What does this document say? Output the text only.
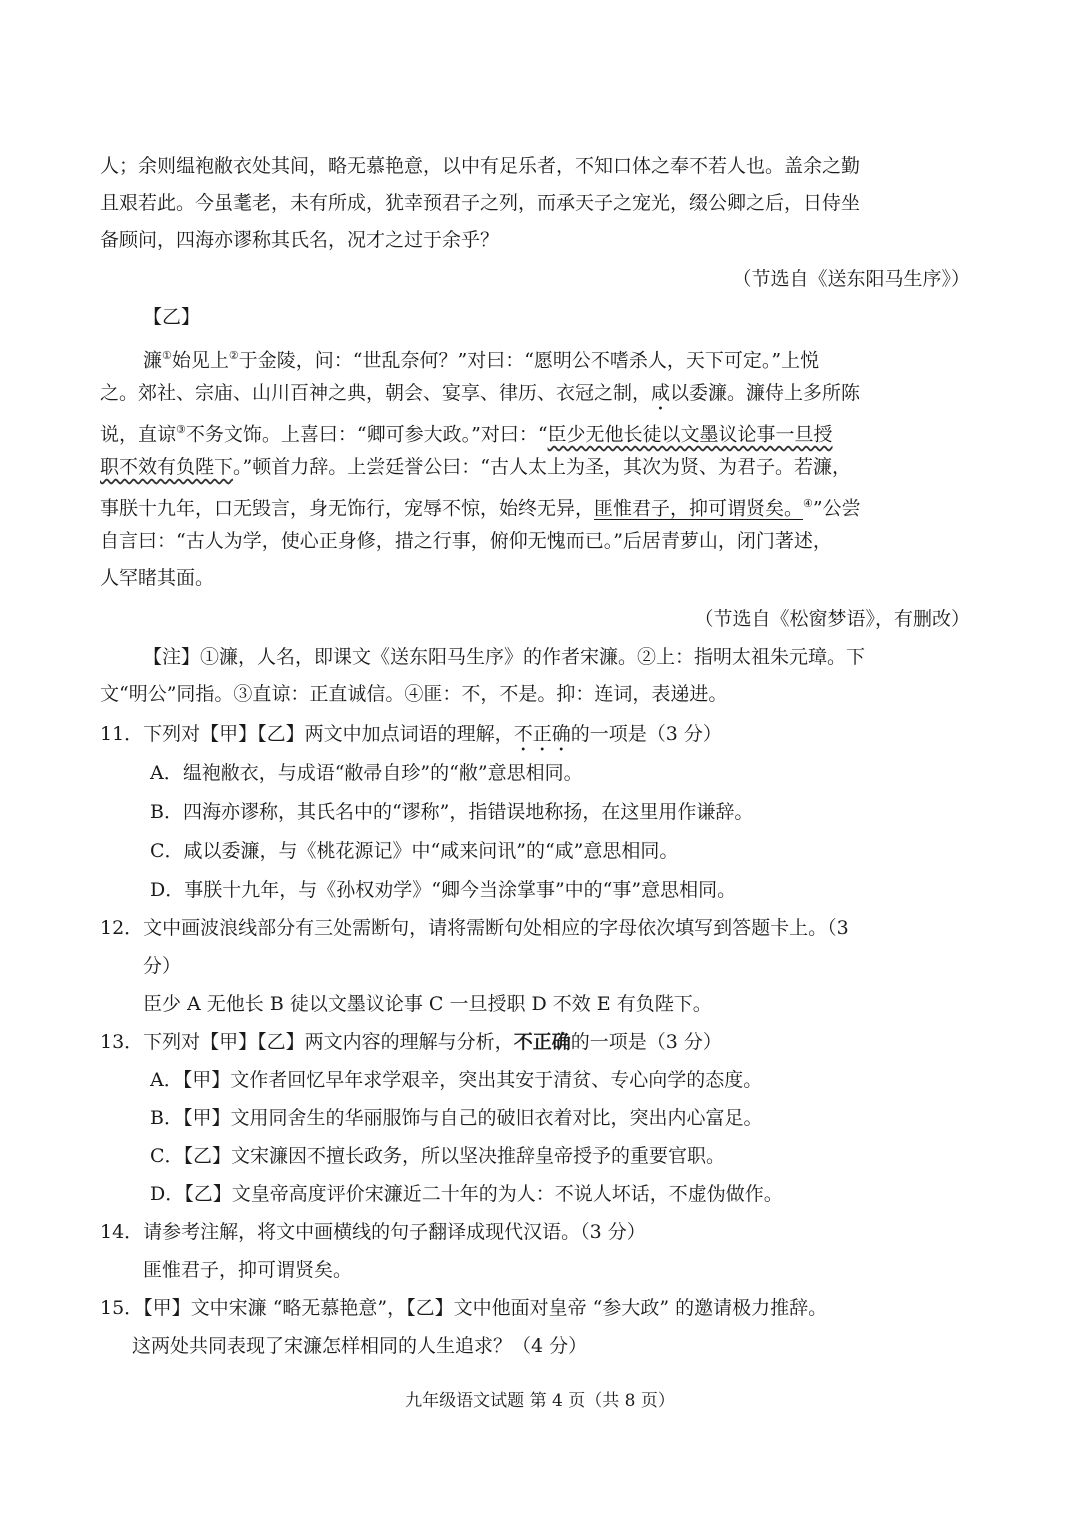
人；余则缊袍敝衣处其间，略无慕艳意，以中有足乐者，不知口体之奉不若人也。盖余之勤
且艰若此。今虽耄老，未有所成，犹幸预君子之列，而承天子之宠光，缀公卿之后，日侍坐
备顾问，四海亦谬称其氏名，况才之过于余乎？
（节选自《送东阳马生序》）
【乙】
濂①始见上②于金陵，问：“世乱奈何？”对曰：“愿明公不嗜杀人，天下可定。”上悦
之。郊社、宗庙、山川百神之典，朝会、宴享、律历、衣冠之制，咸以委濂。濂侍上多所陈
说，直谅③不务文饰。上喜曰：“卿可参大政。”对曰：“臣少无他长徒以文墨议论事一旦授
职不效有负陛下。”顿首力辞。上尝廷誉公曰：“古人太上为圣，其次为贤、为君子。若濂，
事朕十九年，口无毁言，身无饰行，宠辱不惊，始终无异，匪惟君子，抑可谓贤矣。④”公尝
自言曰：“古人为学，使心正身修，措之行事，俯仰无愧而已。”后居青萝山，闭门著述，
人罕睹其面。
（节选自《松窗梦语》，有删改）
【注】①濂，人名，即课文《送东阳马生序》的作者宋濂。②上：指明太祖朱元璋。下
文“明公”同指。③直谅：正直诚信。④匪：不，不是。抑：连词，表递进。
11．下列对【甲】【乙】两文中加点词语的理解，不正确的一项是（3 分）
A．缊袍敝衣，与成语“敝帚自珍”的“敝”意思相同。
B．四海亦谬称，其氏名中的“谬称”，指错误地称扬，在这里用作谦辞。
C．咸以委濂，与《桃花源记》中“咸来问讯”的“咸”意思相同。
D．事朕十九年，与《孙权劝学》“卿今当涂掌事”中的“事”意思相同。
12．文中画波浪线部分有三处需断句，请将需断句处相应的字母依次填写到答题卡上。（3
分）
臣少 A 无他长 B 徒以文墨议论事 C 一旦授职 D 不效 E 有负陛下。
13．下列对【甲】【乙】两文内容的理解与分析，不正确的一项是（3 分）
A．【甲】文作者回忆早年求学艰辛，突出其安于清贫、专心向学的态度。
B．【甲】文用同舍生的华丽服饰与自己的破旧衣着对比，突出内心富足。
C．【乙】文宋濂因不擅长政务，所以坚决推辞皇帝授予的重要官职。
D．【乙】文皇帝高度评价宋濂近二十年的为人：不说人坏话，不虚伪做作。
14．请参考注解，将文中画横线的句子翻译成现代汉语。（3 分）
匪惟君子，抑可谓贤矣。
15．【甲】文中宋濂 “略无慕艳意”，【乙】文中他面对皇帝 “参大政” 的邀请极力推辞。
这两处共同表现了宋濂怎样相同的人生追求？（4 分）
九年级语文试题 第 4 页（共 8 页）
